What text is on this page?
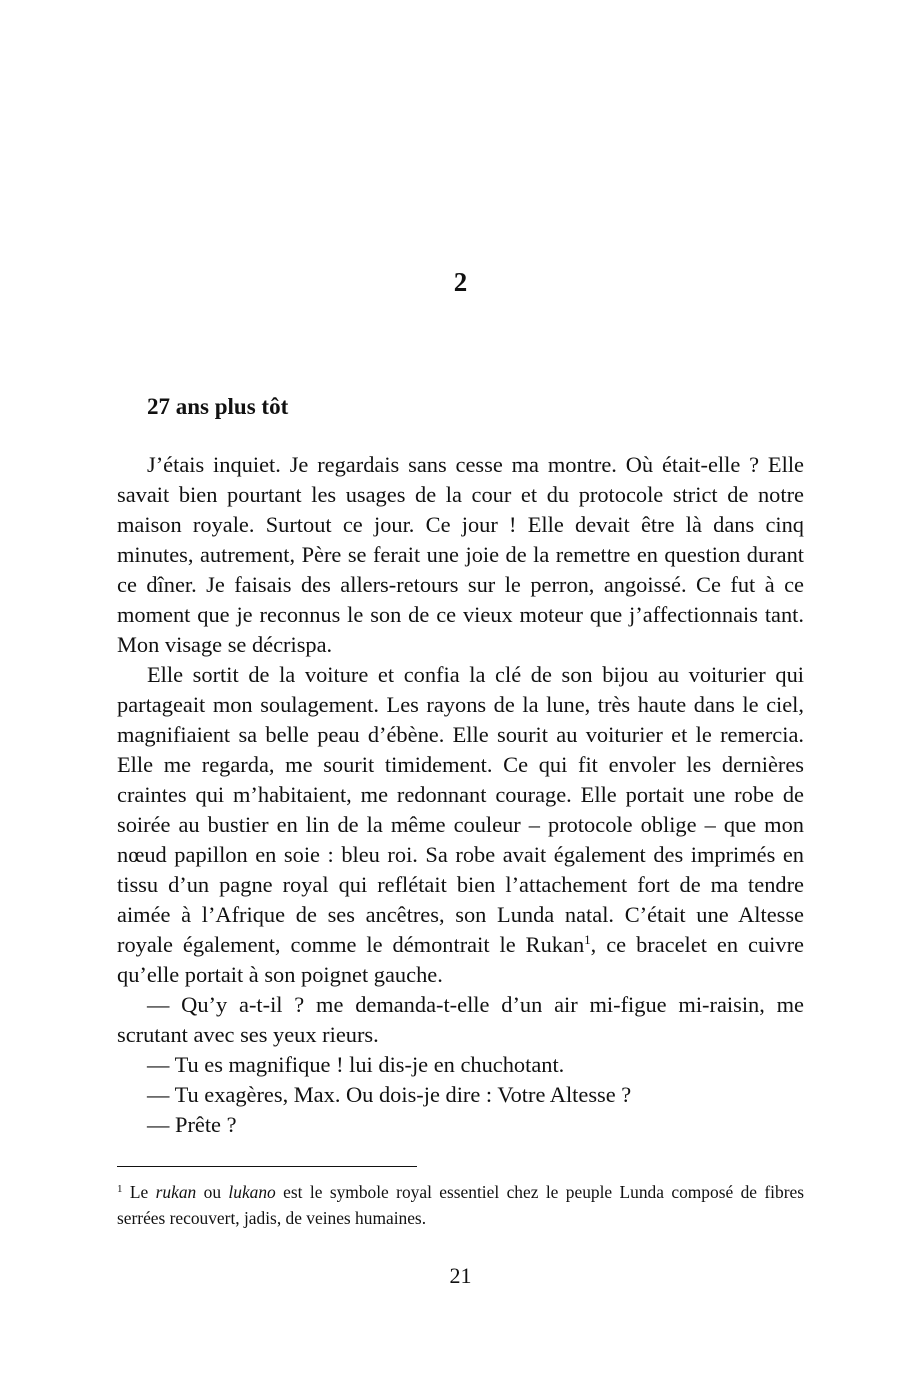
2
27 ans plus tôt

J’étais inquiet. Je regardais sans cesse ma montre. Où était-elle ? Elle savait bien pourtant les usages de la cour et du protocole strict de notre maison royale. Surtout ce jour. Ce jour ! Elle devait être là dans cinq minutes, autrement, Père se ferait une joie de la remettre en question durant ce dîner. Je faisais des allers-retours sur le perron, angoissé. Ce fut à ce moment que je reconnus le son de ce vieux moteur que j’affectionnais tant. Mon visage se décrispa.

Elle sortit de la voiture et confia la clé de son bijou au voiturier qui partageait mon soulagement. Les rayons de la lune, très haute dans le ciel, magnifiaient sa belle peau d’ébène. Elle sourit au voiturier et le remercia. Elle me regarda, me sourit timidement. Ce qui fit envoler les dernières craintes qui m’habitaient, me redonnant courage. Elle portait une robe de soirée au bustier en lin de la même couleur – protocole oblige – que mon nœud papillon en soie : bleu roi. Sa robe avait également des imprimés en tissu d’un pagne royal qui reflétait bien l’attachement fort de ma tendre aimée à l’Afrique de ses ancêtres, son Lunda natal. C’était une Altesse royale également, comme le démontrait le Rukan$^1$, ce bracelet en cuivre qu’elle portait à son poignet gauche.

— Qu’y a-t-il ? me demanda-t-elle d’un air mi-figue mi-raisin, me scrutant avec ses yeux rieurs.

— Tu es magnifique ! lui dis-je en chuchotant.

— Tu exagères, Max. Ou dois-je dire : Votre Altesse ?

— Prête ?

$^1$ Le rukan ou lukano est le symbole royal essentiel chez le peuple Lunda composé de fibres serrées recouvert, jadis, de veines humaines.
21
